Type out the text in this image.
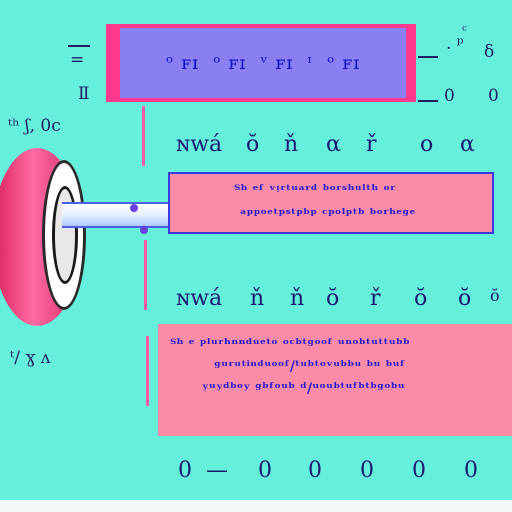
ᵒ ꜰɪ  ᵒ ꜰɪ  ᵛ ꜰɪ  ᶦ  ᵒ ꜰɪ
=
Ⅱ
. ᵖ δ
0 0
ᶜ
ᵗʰ ʃ, 0c
ᵗ/ ɣ ᴧ
ɴᴡá ŏ ň α ř o α
ᵀʰ ᵉᶠ ᵛᵎʳᵗᵘᵃʳᵈ ᵇᵒʳˢʰᵘˡᵗʰ ᵒʳ
ᵃᵖᵖᵒᵉᵗᵖˢᵗᵖᵇᵖ ᶜᵖᵒˡᵖᵗᵇ ᵇᵒʳʰᵉᵍᵉ
ɴᴡá ň ň ŏ ř ŏ ŏ ŏ
ᵀʰ ᵉ ᵖˡᵘʳʰⁿⁿᵈᵘᵉᵗᵒ ᵒᶜᵇᵗᵍᵒᵒᶠ ᵘⁿᵒᵇᵗᵘᵗᵗᵘᵇᵇ
ᵍᵘʳᵘᵗⁱⁿᵈᵘᵒᵒᶠ/ᵗᵘᵇᵗᵒᵛᵘᵇᵇᵘ ᵇᵘ ᵇᵘᶠ
ʸᵘʸᵈᵇᵒʸ ᵍᵇᶠᵒᵘᵇ ᵈ/ᵘᵒᵘᵇᵗᵘᶠᵇᵗᵇᵍᵒᵇᵘ
0 — 0 0 0 0 0
